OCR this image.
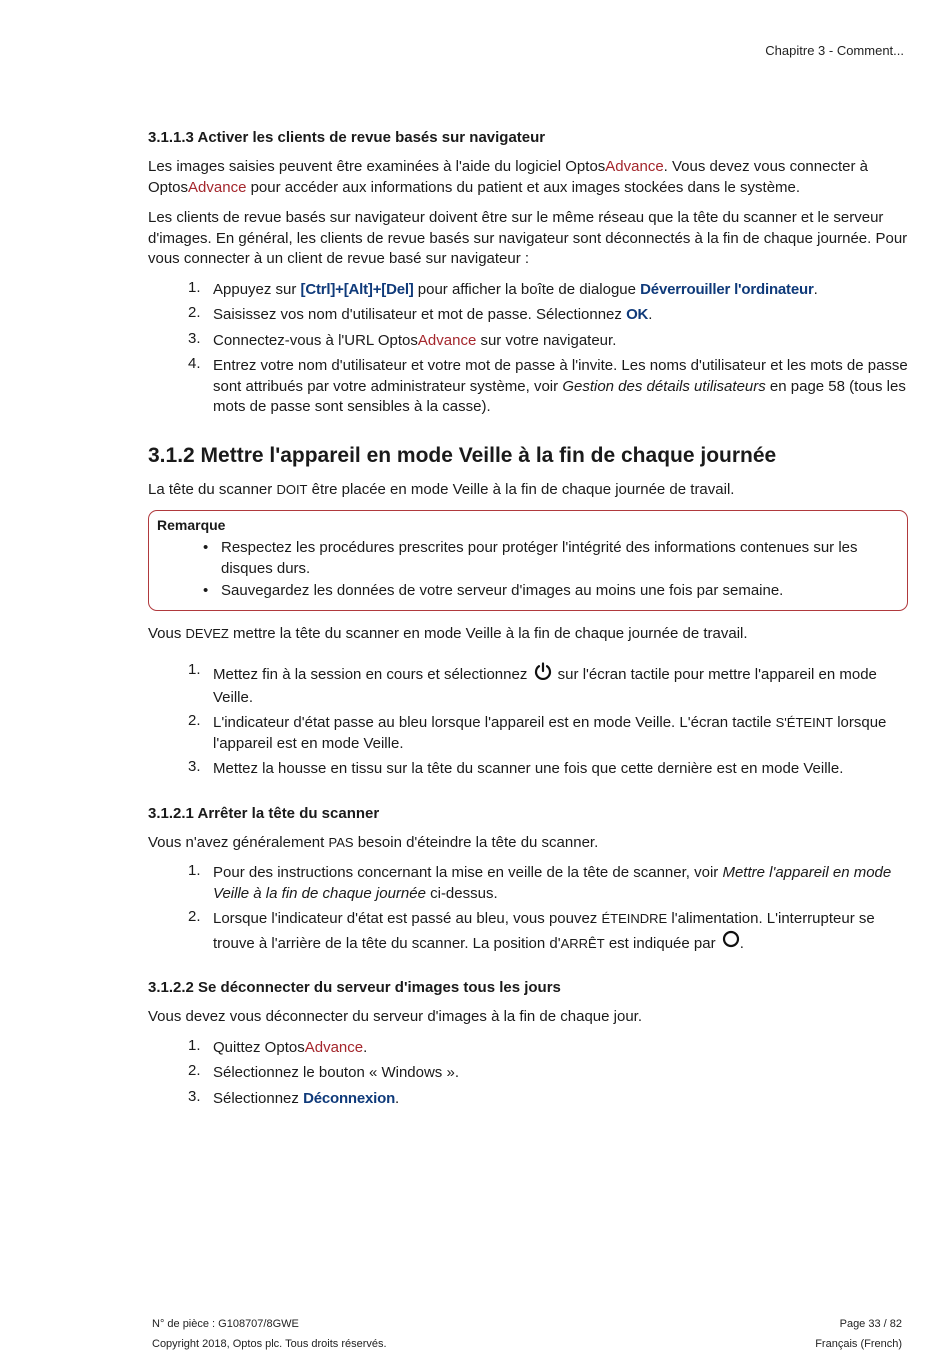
Chapitre 3 - Comment...
3.1.1.3 Activer les clients de revue basés sur navigateur

Les images saisies peuvent être examinées à l'aide du logiciel OptosAdvance. Vous devez vous connecter à
OptosAdvance pour accéder aux informations du patient et aux images stockées dans le système.

Les clients de revue basés sur navigateur doivent être sur le même réseau que la tête du scanner et le serveur d'images. En général, les clients de revue basés sur navigateur sont déconnectés à la fin de chaque journée. Pour vous connecter à un client de revue basé sur navigateur :

1. Appuyez sur [Ctrl]+[Alt]+[Del] pour afficher la boîte de dialogue Déverrouiller l'ordinateur.
2. Saisissez vos nom d'utilisateur et mot de passe. Sélectionnez OK.
3. Connectez-vous à l'URL OptosAdvance sur votre navigateur.
4. Entrez votre nom d'utilisateur et votre mot de passe à l'invite. Les noms d'utilisateur et les mots de passe sont attribués par votre administrateur système, voir Gestion des détails utilisateurs en page 58 (tous les mots de passe sont sensibles à la casse).
3.1.2 Mettre l'appareil en mode Veille à la fin de chaque journée

La tête du scanner DOIT être placée en mode Veille à la fin de chaque journée de travail.

Remarque
• Respectez les procédures prescrites pour protéger l'intégrité des informations contenues sur les disques durs.
• Sauvegardez les données de votre serveur d'images au moins une fois par semaine.

Vous DEVEZ mettre la tête du scanner en mode Veille à la fin de chaque journée de travail.

1. Mettez fin à la session en cours et sélectionnez  sur l'écran tactile pour mettre l'appareil en mode Veille.
2. L'indicateur d'état passe au bleu lorsque l'appareil est en mode Veille. L'écran tactile S'ÉTEINT lorsque l'appareil est en mode Veille.
3. Mettez la housse en tissu sur la tête du scanner une fois que cette dernière est en mode Veille.
3.1.2.1 Arrêter la tête du scanner

Vous n'avez généralement PAS besoin d'éteindre la tête du scanner.

1. Pour des instructions concernant la mise en veille de la tête de scanner, voir Mettre l'appareil en mode Veille à la fin de chaque journée ci-dessus.
2. Lorsque l'indicateur d'état est passé au bleu, vous pouvez ÉTEINDRE l'alimentation. L'interrupteur se trouve à l'arrière de la tête du scanner. La position d'ARRÊT est indiquée par .
3.1.2.2 Se déconnecter du serveur d'images tous les jours

Vous devez vous déconnecter du serveur d'images à la fin de chaque jour.

1. Quittez OptosAdvance.
2. Sélectionnez le bouton « Windows ».
3. Sélectionnez Déconnexion.
N° de pièce : G108707/8GWE	Page 33 / 82
Copyright 2018, Optos plc. Tous droits réservés.	Français (French)
